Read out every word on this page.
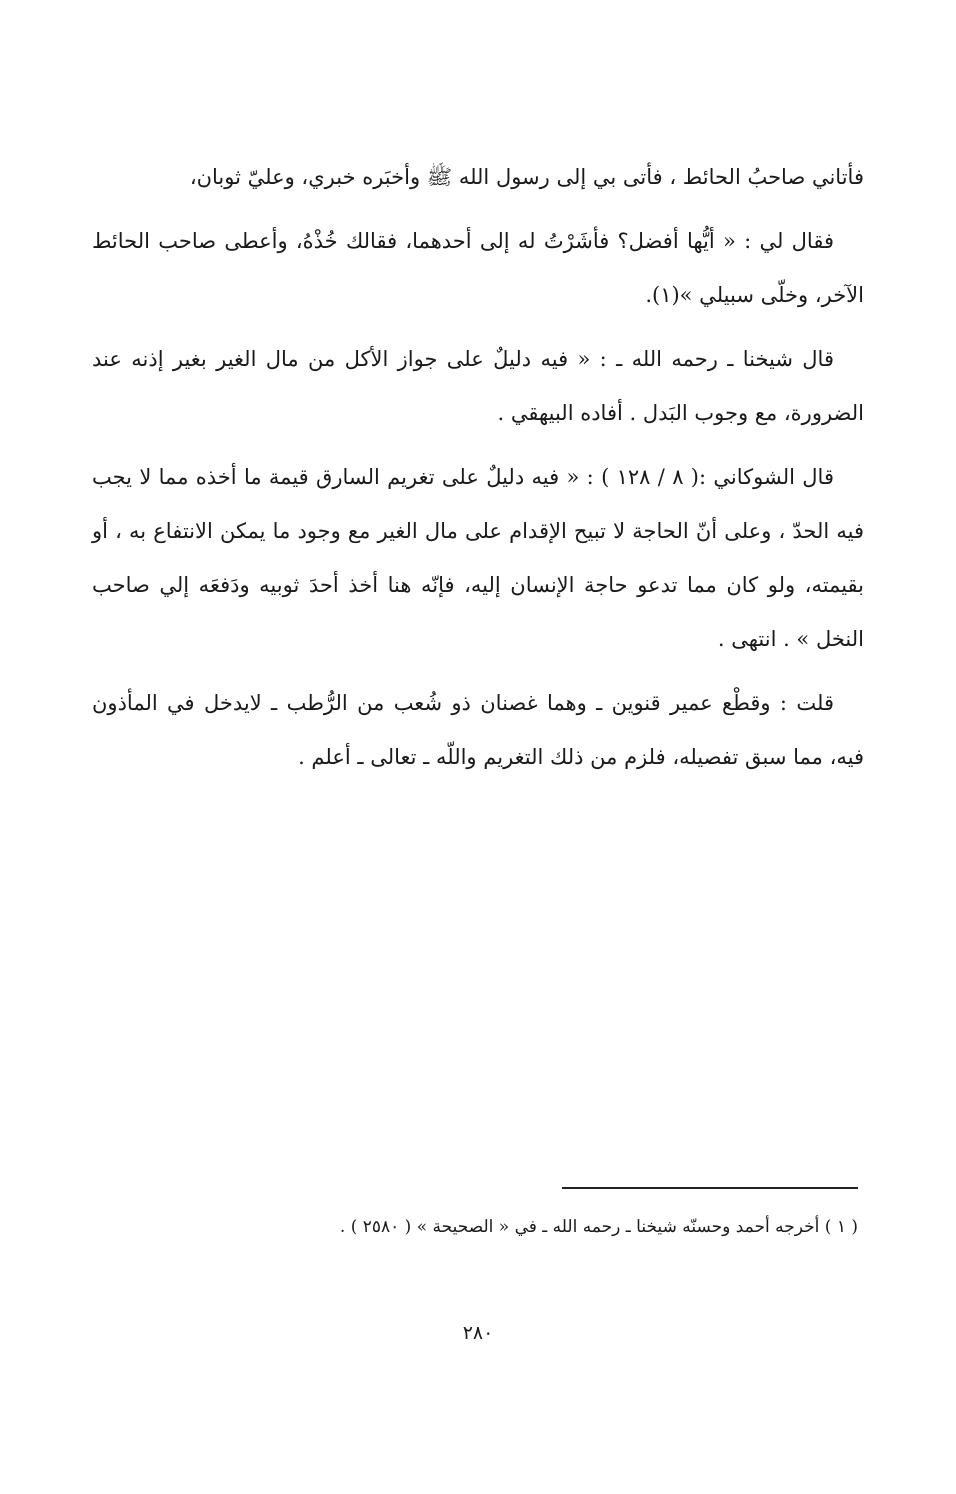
فأتاني صاحبُ الحائط ، فأتى بي إلى رسول الله ﷺ وأخبَره خبري، وعليّ ثوبان،

فقال لي : « أيُّها أفضل؟ فأشَرْتُ له إلى أحدهما، فقالك خُذْهُ، وأعطى صاحب الحائط الآخر، وخلّى سبيلي »(١).

قال شيخنا ـ رحمه الله ـ : « فيه دليلٌ على جواز الأكل من مال الغير بغير إذنه عند الضرورة، مع وجوب البَدل . أفاده البيهقي .

قال الشوكاني :( ٨ / ١٢٨ ) : « فيه دليلٌ على تغريم السارق قيمة ما أخذه مما لا يجب فيه الحدّ ، وعلى أنّ الحاجة لا تبيح الإقدام على مال الغير مع وجود ما يمكن الانتفاع به ، أو بقيمته، ولو كان مما تدعو حاجة الإنسان إليه، فإنّه هنا أخذ أحدَ ثوبيه ودَفعَه إلي صاحب النخل » . انتهى .

قلت : وقطْع عمير قنوين ـ وهما غصنان ذو شُعب من الرُّطب ـ لايدخل في المأذون فيه، مما سبق تفصيله، فلزم من ذلك التغريم واللّه ـ تعالى ـ أعلم .

( ١ ) أخرجه أحمد وحسنّه شيخنا ـ رحمه الله ـ في « الصحيحة » ( ٢٥٨٠ ) .
٢٨٠
